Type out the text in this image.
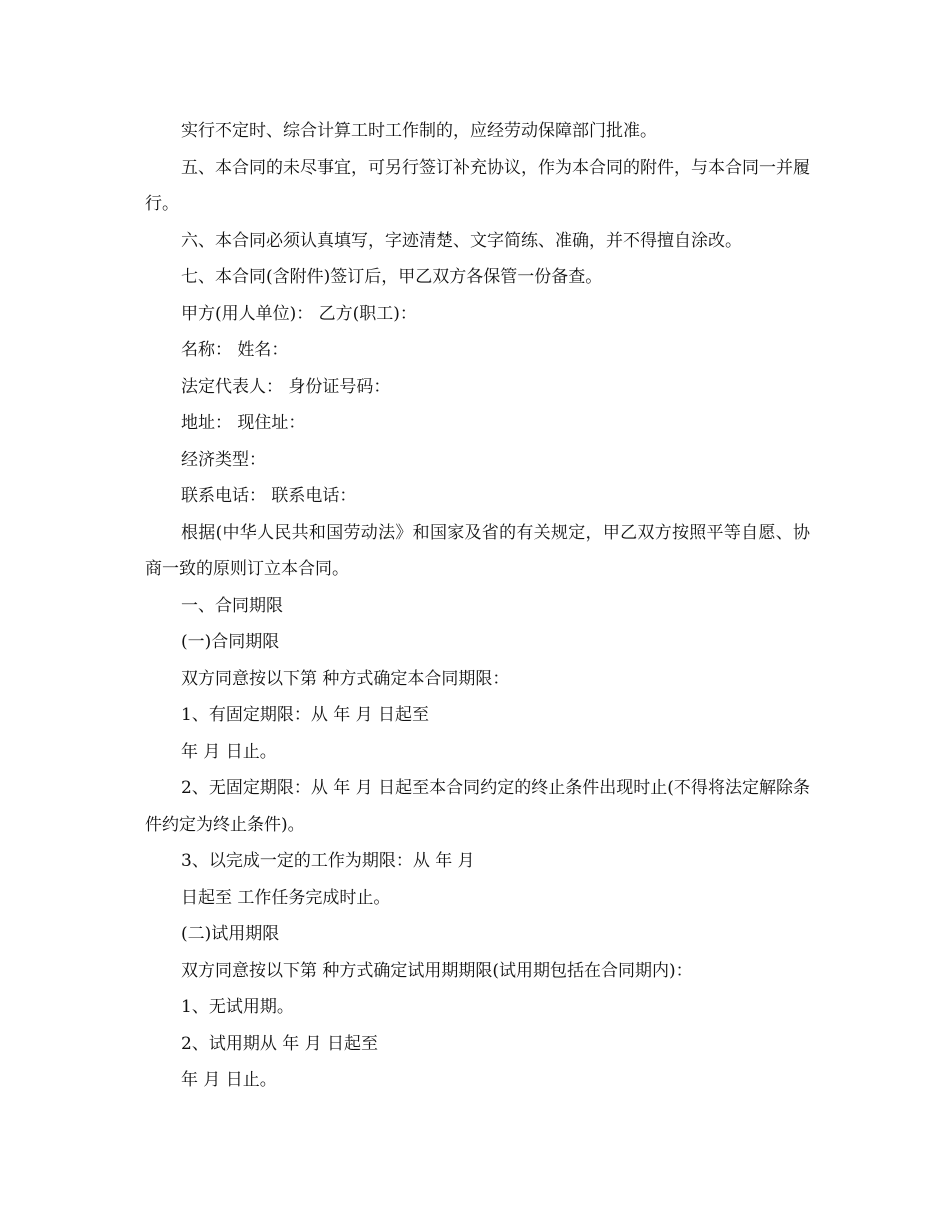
实行不定时、综合计算工时工作制的，应经劳动保障部门批准。

五、本合同的未尽事宜，可另行签订补充协议，作为本合同的附件，与本合同一并履行。

六、本合同必须认真填写，字迹清楚、文字简练、准确，并不得擅自涂改。

七、本合同(含附件)签订后，甲乙双方各保管一份备查。

甲方(用人单位)： 乙方(职工)：

名称： 姓名：

法定代表人： 身份证号码：

地址： 现住址：

经济类型：

联系电话： 联系电话：

根据(中华人民共和国劳动法》和国家及省的有关规定，甲乙双方按照平等自愿、协商一致的原则订立本合同。

一、合同期限

(一)合同期限

双方同意按以下第 种方式确定本合同期限：

1、有固定期限：从 年 月 日起至

年 月 日止。

2、无固定期限：从 年 月 日起至本合同约定的终止条件出现时止(不得将法定解除条件约定为终止条件)。

3、以完成一定的工作为期限：从 年 月

日起至 工作任务完成时止。

(二)试用期限

双方同意按以下第 种方式确定试用期期限(试用期包括在合同期内)：

1、无试用期。

2、试用期从 年 月 日起至

年 月 日止。
